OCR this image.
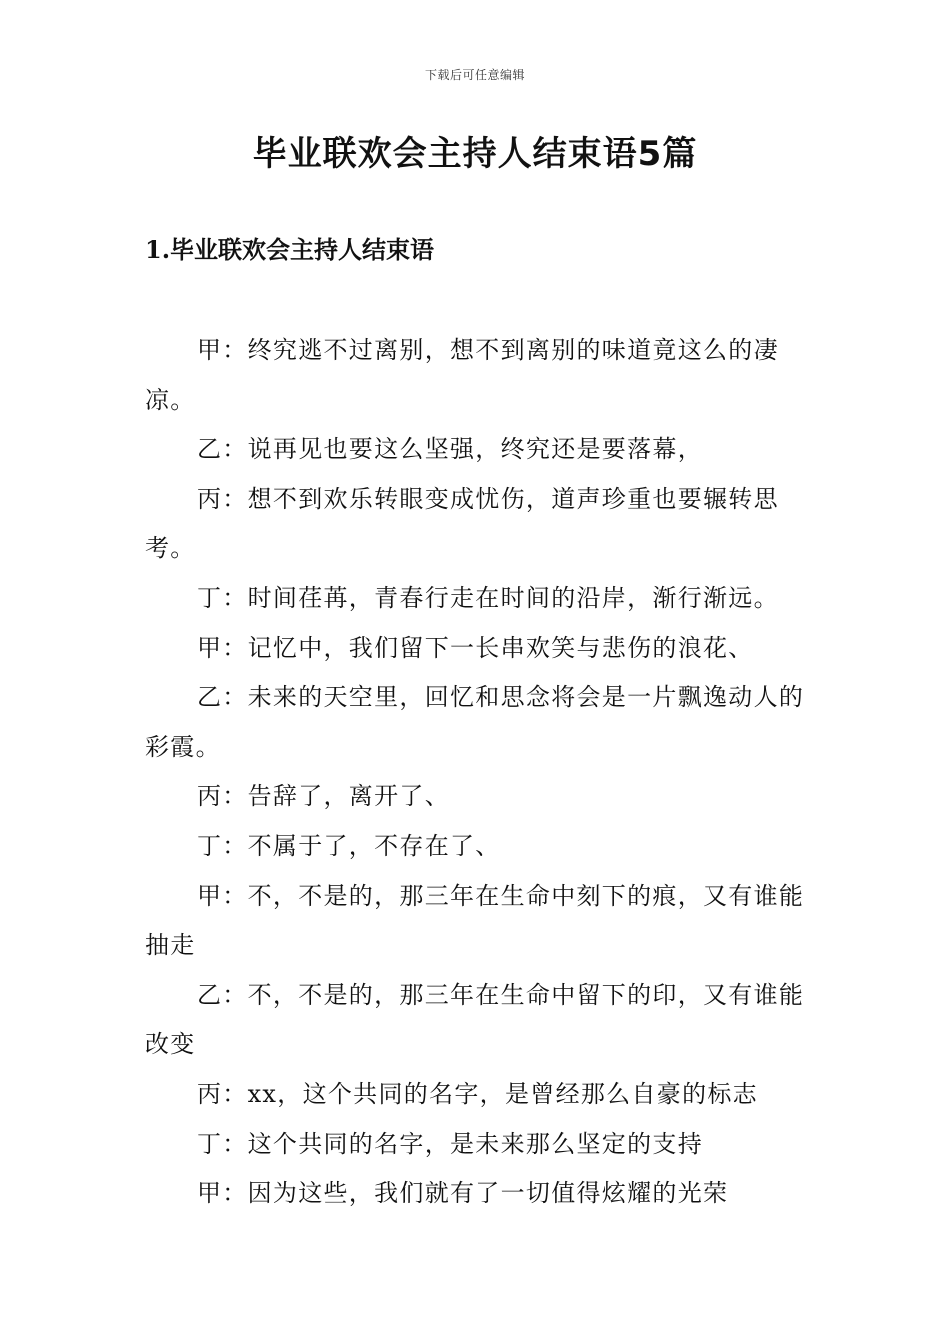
下载后可任意编辑
毕业联欢会主持人结束语5篇
1.毕业联欢会主持人结束语

甲：终究逃不过离别，想不到离别的味道竟这么的凄凉。

乙：说再见也要这么坚强，终究还是要落幕，

丙：想不到欢乐转眼变成忧伤，道声珍重也要辗转思考。

丁：时间荏苒，青春行走在时间的沿岸，渐行渐远。

甲：记忆中，我们留下一长串欢笑与悲伤的浪花、

乙：未来的天空里，回忆和思念将会是一片飘逸动人的彩霞。

丙：告辞了，离开了、

丁：不属于了，不存在了、

甲：不，不是的，那三年在生命中刻下的痕，又有谁能抽走

乙：不，不是的，那三年在生命中留下的印，又有谁能改变

丙：xx，这个共同的名字，是曾经那么自豪的标志

丁：这个共同的名字，是未来那么坚定的支持

甲：因为这些，我们就有了一切值得炫耀的光荣
